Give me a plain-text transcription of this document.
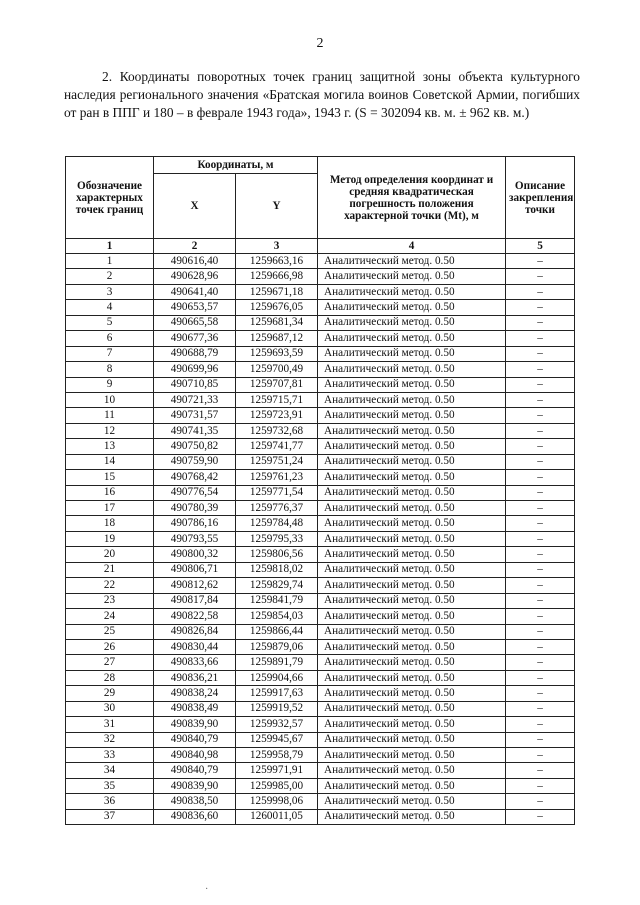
2
2. Координаты поворотных точек границ защитной зоны объекта культурного наследия регионального значения «Братская могила воинов Советской Армии, погибших от ран в ППГ и 180 – в феврале 1943 года», 1943 г. (S = 302094 кв. м. ± 962 кв. м.)
Обозначение характерных точек границ	Координаты, м		Метод определения координат и средняя квадратическая погрешность положения характерной точки (Mt), м	Описание закрепления точки
	X	Y		
1	2	3	4	5
1	490616,40	1259663,16	Аналитический метод. 0.50	–
2	490628,96	1259666,98	Аналитический метод. 0.50	–
3	490641,40	1259671,18	Аналитический метод. 0.50	–
4	490653,57	1259676,05	Аналитический метод. 0.50	–
5	490665,58	1259681,34	Аналитический метод. 0.50	–
6	490677,36	1259687,12	Аналитический метод. 0.50	–
7	490688,79	1259693,59	Аналитический метод. 0.50	–
8	490699,96	1259700,49	Аналитический метод. 0.50	–
9	490710,85	1259707,81	Аналитический метод. 0.50	–
10	490721,33	1259715,71	Аналитический метод. 0.50	–
11	490731,57	1259723,91	Аналитический метод. 0.50	–
12	490741,35	1259732,68	Аналитический метод. 0.50	–
13	490750,82	1259741,77	Аналитический метод. 0.50	–
14	490759,90	1259751,24	Аналитический метод. 0.50	–
15	490768,42	1259761,23	Аналитический метод. 0.50	–
16	490776,54	1259771,54	Аналитический метод. 0.50	–
17	490780,39	1259776,37	Аналитический метод. 0.50	–
18	490786,16	1259784,48	Аналитический метод. 0.50	–
19	490793,55	1259795,33	Аналитический метод. 0.50	–
20	490800,32	1259806,56	Аналитический метод. 0.50	–
21	490806,71	1259818,02	Аналитический метод. 0.50	–
22	490812,62	1259829,74	Аналитический метод. 0.50	–
23	490817,84	1259841,79	Аналитический метод. 0.50	–
24	490822,58	1259854,03	Аналитический метод. 0.50	–
25	490826,84	1259866,44	Аналитический метод. 0.50	–
26	490830,44	1259879,06	Аналитический метод. 0.50	–
27	490833,66	1259891,79	Аналитический метод. 0.50	–
28	490836,21	1259904,66	Аналитический метод. 0.50	–
29	490838,24	1259917,63	Аналитический метод. 0.50	–
30	490838,49	1259919,52	Аналитический метод. 0.50	–
31	490839,90	1259932,57	Аналитический метод. 0.50	–
32	490840,79	1259945,67	Аналитический метод. 0.50	–
33	490840,98	1259958,79	Аналитический метод. 0.50	–
34	490840,79	1259971,91	Аналитический метод. 0.50	–
35	490839,90	1259985,00	Аналитический метод. 0.50	–
36	490838,50	1259998,06	Аналитический метод. 0.50	–
37	490836,60	1260011,05	Аналитический метод. 0.50	–
·
